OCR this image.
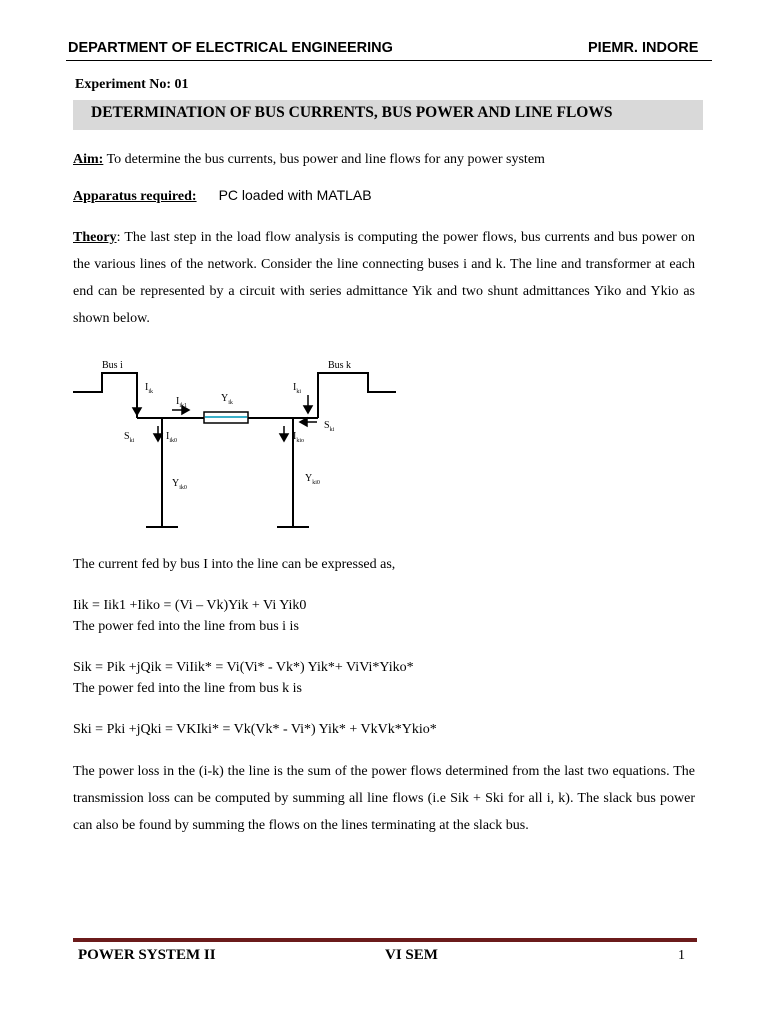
DEPARTMENT OF ELECTRICAL ENGINEERING	PIEMR. INDORE
Experiment No: 01
DETERMINATION OF BUS CURRENTS, BUS POWER AND LINE FLOWS
Aim: To determine the bus currents, bus power and line flows for any power system
Apparatus required: PC loaded with MATLAB
Theory: The last step in the load flow analysis is computing the power flows, bus currents and bus power on the various lines of the network. Consider the line connecting buses i and k. The line and transformer at each end can be represented by a circuit with series admittance Yik and two shunt admittances Yiko and Ykio as shown below.
Bus i	Bus k
$I_{ik}$
$I_{ik1}$
$Y_{ik}$
$I_{ki}$
$S_{ki}$	$I_{ik0}$	$I_{kio}$
$S_{ki}$
$Y_{ik0}$
$Y_{ki0}$
The current fed by bus I into the line can be expressed as,
Iik = Iik1 +Iiko = (Vi – Vk)Yik + Vi Yik0
The power fed into the line from bus i is
Sik = Pik +jQik = ViIik* = Vi(Vi* - Vk*) Yik*+ ViVi*Yiko*
The power fed into the line from bus k is
Ski = Pki +jQki = VKIki* = Vk(Vk* - Vi*) Yik* + VkVk*Ykio*
The power loss in the (i-k) the line is the sum of the power flows determined from the last two equations. The transmission loss can be computed by summing all line flows (i.e Sik + Ski for all i, k). The slack bus power can also be found by summing the flows on the lines terminating at the slack bus.
POWER SYSTEM II	VI SEM	1
